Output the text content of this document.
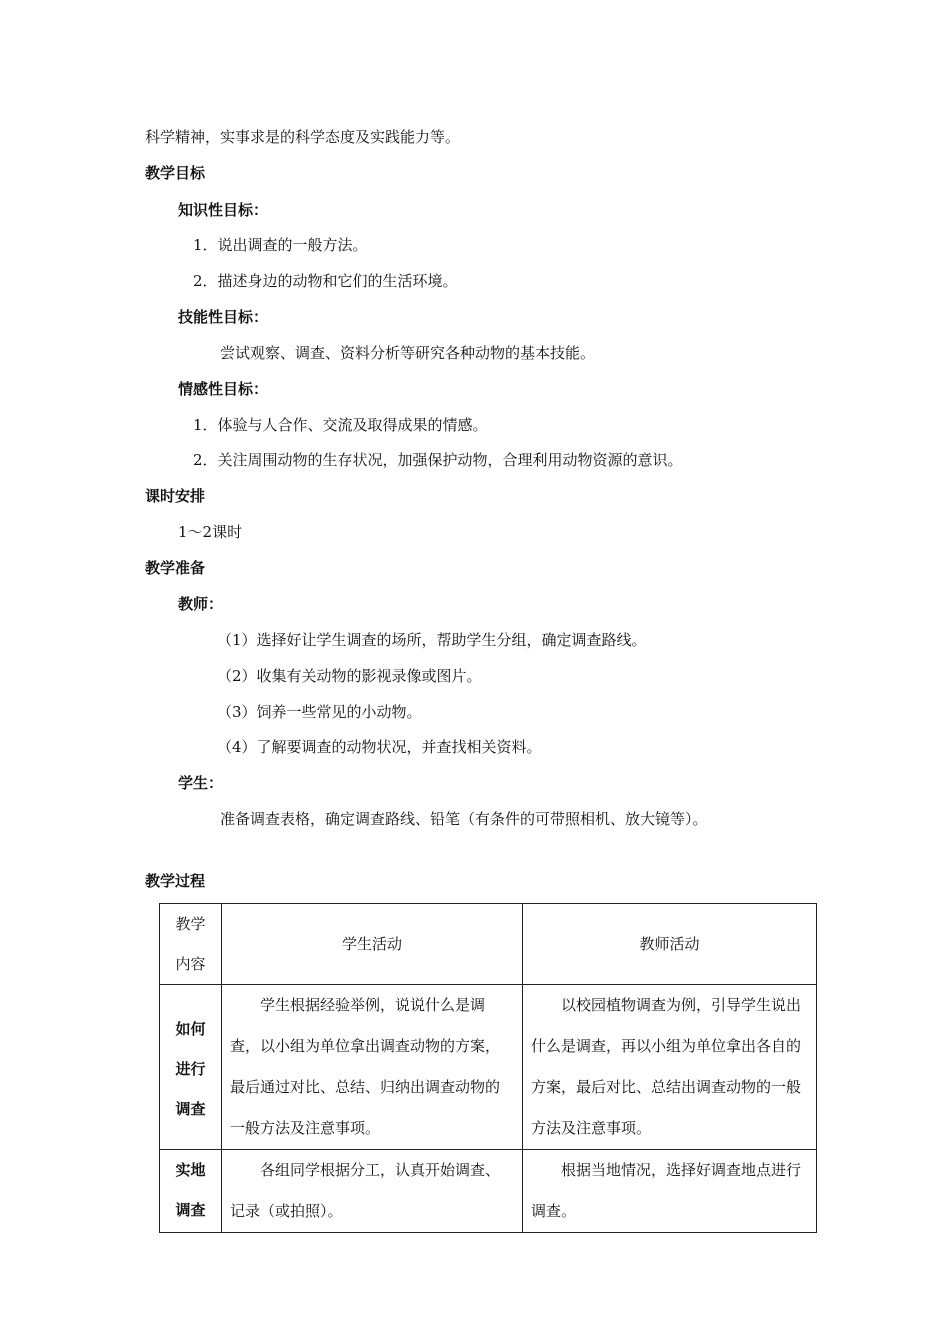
科学精神，实事求是的科学态度及实践能力等。
教学目标
知识性目标：
1．说出调查的一般方法。
2．描述身边的动物和它们的生活环境。
技能性目标：
尝试观察、调查、资料分析等研究各种动物的基本技能。
情感性目标：
1．体验与人合作、交流及取得成果的情感。
2．关注周围动物的生存状况，加强保护动物，合理利用动物资源的意识。
课时安排
1～2课时
教学准备
教师：
（1）选择好让学生调查的场所，帮助学生分组，确定调查路线。
（2）收集有关动物的影视录像或图片。
（3）饲养一些常见的小动物。
（4）了解要调查的动物状况，并查找相关资料。
学生：
准备调查表格，确定调查路线、铅笔（有条件的可带照相机、放大镜等）。
教学过程
教学
内容	学生活动	教师活动
如何
进行
调查	学生根据经验举例，说说什么是调查，以小组为单位拿出调查动物的方案，最后通过对比、总结、归纳出调查动物的一般方法及注意事项。	以校园植物调查为例，引导学生说出什么是调查，再以小组为单位拿出各自的方案，最后对比、总结出调查动物的一般方法及注意事项。
实地
调查	各组同学根据分工，认真开始调查、记录（或拍照）。	根据当地情况，选择好调查地点进行调查。
